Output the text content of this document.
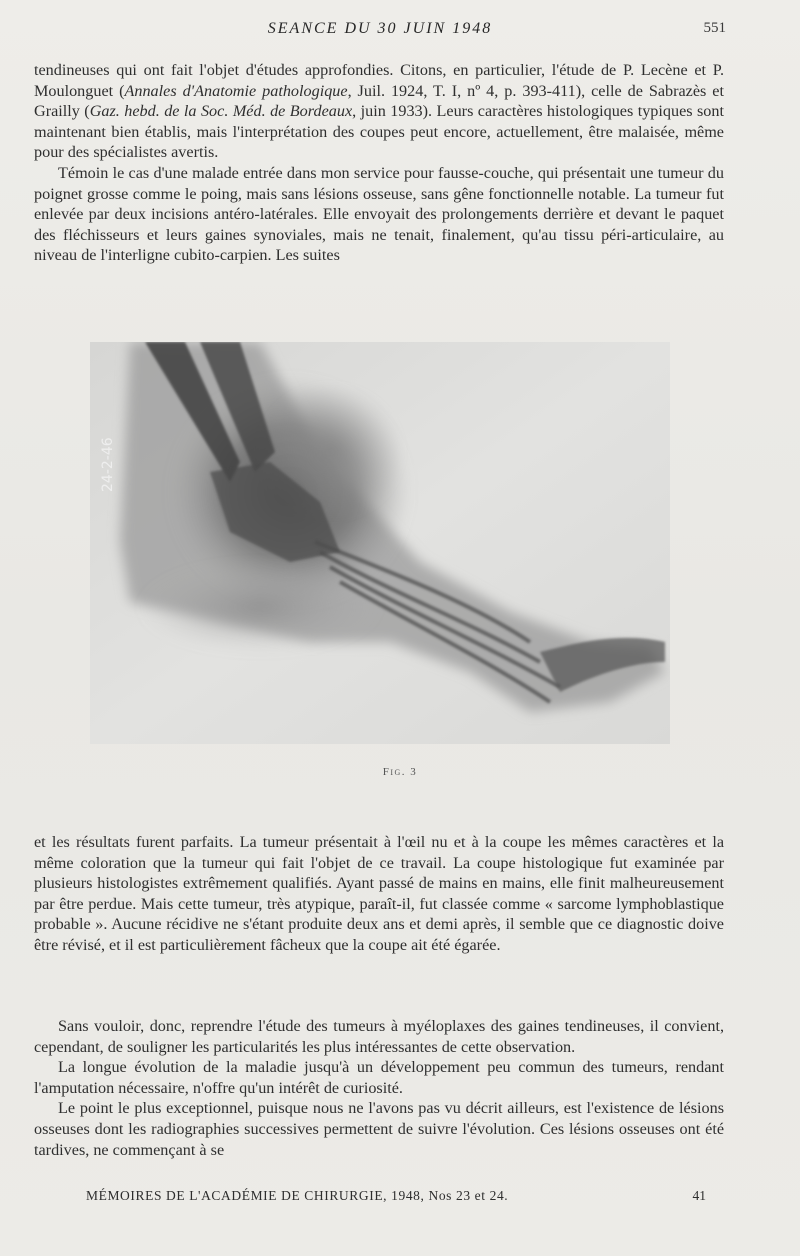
SEANCE DU 30 JUIN 1948	551

tendineuses qui ont fait l'objet d'études approfondies. Citons, en particulier, l'étude de P. Lecène et P. Moulonguet (Annales d'Anatomie pathologique, Juil. 1924, T. I, nº 4, p. 393-411), celle de Sabrazès et Grailly (Gaz. hebd. de la Soc. Méd. de Bordeaux, juin 1933). Leurs caractères histologiques typiques sont maintenant bien établis, mais l'interprétation des coupes peut encore, actuellement, être malaisée, même pour des spécialistes avertis.

Témoin le cas d'une malade entrée dans mon service pour fausse-couche, qui présentait une tumeur du poignet grosse comme le poing, mais sans lésions osseuse, sans gêne fonctionnelle notable. La tumeur fut enlevée par deux incisions antéro-latérales. Elle envoyait des prolongements derrière et devant le paquet des fléchisseurs et leurs gaines synoviales, mais ne tenait, finalement, qu'au tissu péri-articulaire, au niveau de l'interligne cubito-carpien. Les suites

24-2-46
Fig. 3

et les résultats furent parfaits. La tumeur présentait à l'œil nu et à la coupe les mêmes caractères et la même coloration que la tumeur qui fait l'objet de ce travail. La coupe histologique fut examinée par plusieurs histologistes extrêmement qualifiés. Ayant passé de mains en mains, elle finit malheureusement par être perdue. Mais cette tumeur, très atypique, paraît-il, fut classée comme « sarcome lymphoblastique probable ». Aucune récidive ne s'étant produite deux ans et demi après, il semble que ce diagnostic doive être révisé, et il est particulièrement fâcheux que la coupe ait été égarée.

Sans vouloir, donc, reprendre l'étude des tumeurs à myéloplaxes des gaines tendineuses, il convient, cependant, de souligner les particularités les plus intéressantes de cette observation.

La longue évolution de la maladie jusqu'à un développement peu commun des tumeurs, rendant l'amputation nécessaire, n'offre qu'un intérêt de curiosité.

Le point le plus exceptionnel, puisque nous ne l'avons pas vu décrit ailleurs, est l'existence de lésions osseuses dont les radiographies successives permettent de suivre l'évolution. Ces lésions osseuses ont été tardives, ne commençant à se

MÉMOIRES DE L'ACADÉMIE DE CHIRURGIE, 1948, Nos 23 et 24.	41
